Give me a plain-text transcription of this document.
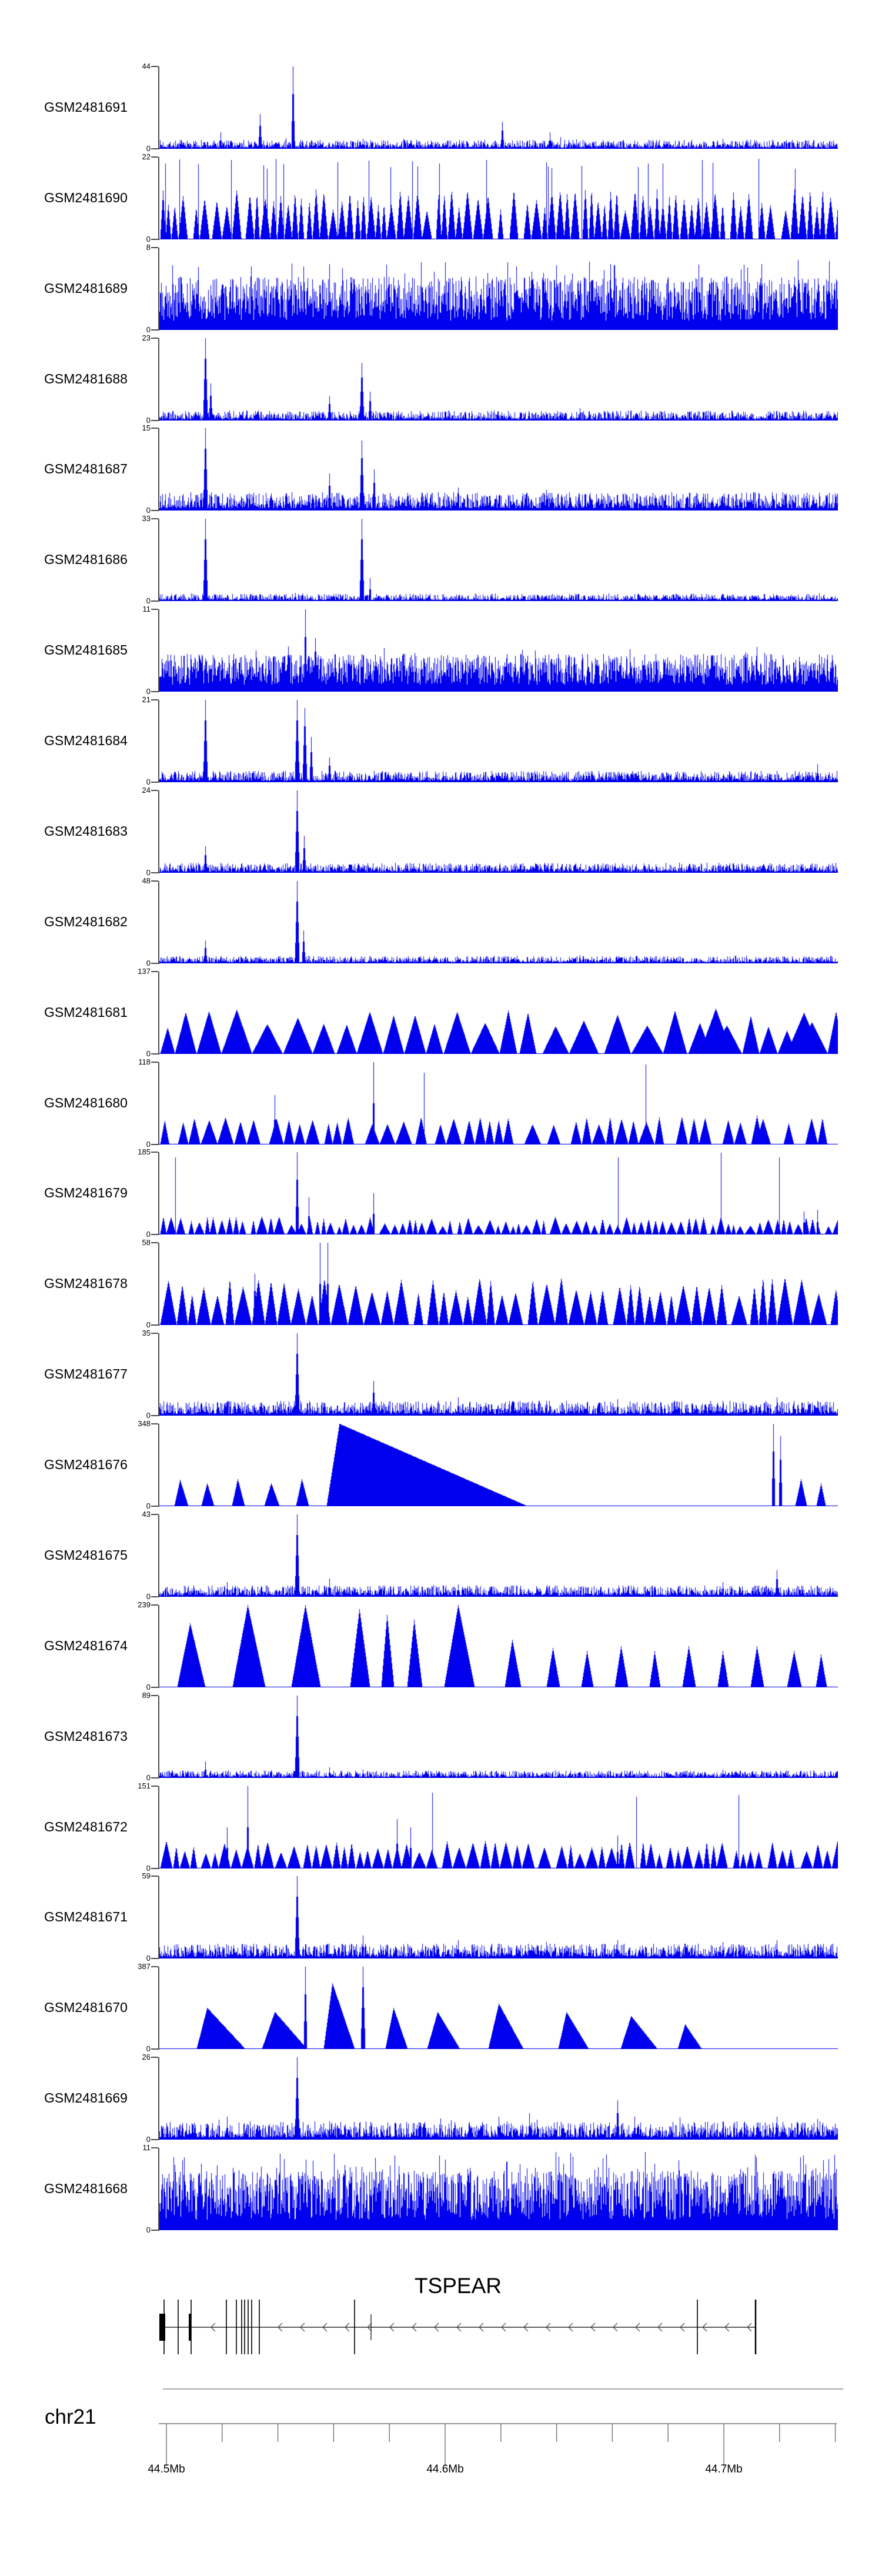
GSM2481691
44
0
GSM2481690
22
0
GSM2481689
8
0
GSM2481688
23
0
GSM2481687
15
0
GSM2481686
33
0
GSM2481685
11
0
GSM2481684
21
0
GSM2481683
24
0
GSM2481682
48
0
GSM2481681
137
0
GSM2481680
118
0
GSM2481679
185
0
GSM2481678
58
0
GSM2481677
35
0
GSM2481676
348
0
GSM2481675
43
0
GSM2481674
239
0
GSM2481673
89
0
GSM2481672
151
0
GSM2481671
59
0
GSM2481670
387
0
GSM2481669
26
0
GSM2481668
11
0
TSPEAR
chr21
44.5Mb	44.6Mb	44.7Mb
